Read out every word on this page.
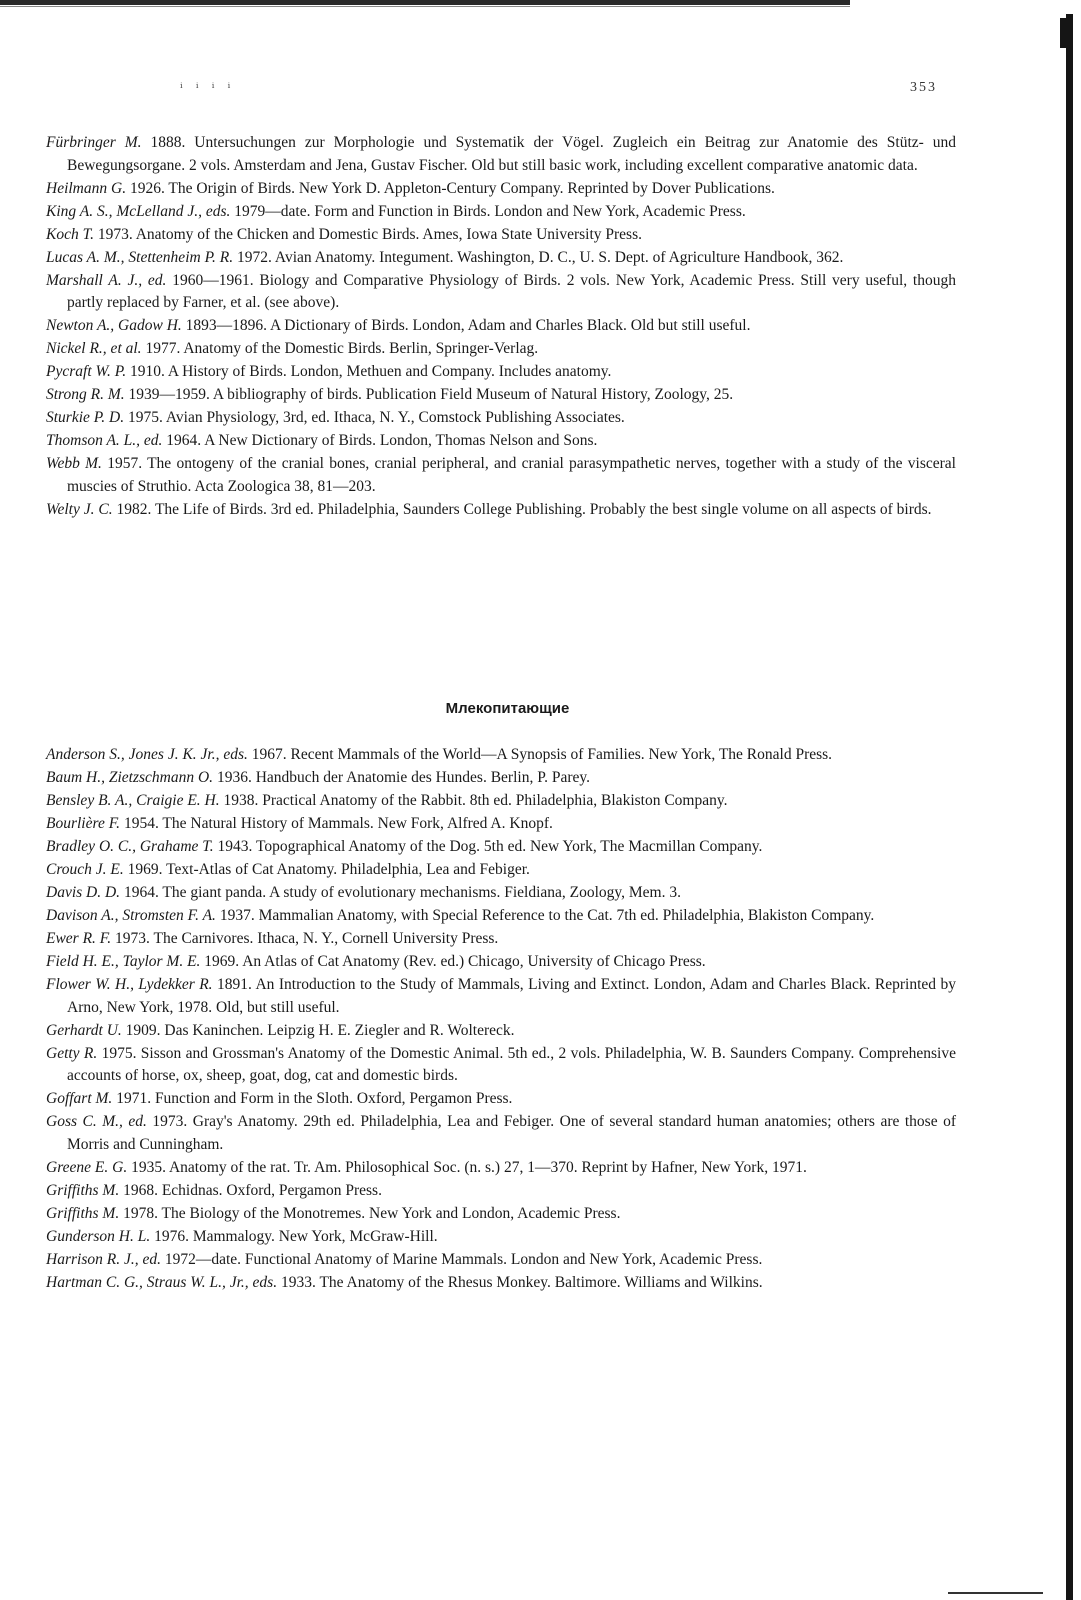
ⁱ ⁱ ⁱ ⁱ	353

Fürbringer M. 1888. Untersuchungen zur Morphologie und Systematik der Vögel. Zugleich ein Beitrag zur Anatomie des Stütz- und Bewegungsorgane. 2 vols. Amsterdam and Jena, Gustav Fischer. Old but still basic work, including excellent comparative anatomic data.

Heilmann G. 1926. The Origin of Birds. New York D. Appleton-Century Company. Reprinted by Dover Publications.

King A. S., McLelland J., eds. 1979—date. Form and Function in Birds. London and New York, Academic Press.

Koch T. 1973. Anatomy of the Chicken and Domestic Birds. Ames, Iowa State University Press.

Lucas A. M., Stettenheim P. R. 1972. Avian Anatomy. Integument. Washington, D. C., U. S. Dept. of Agriculture Handbook, 362.

Marshall A. J., ed. 1960—1961. Biology and Comparative Physiology of Birds. 2 vols. New York, Academic Press. Still very useful, though partly replaced by Farner, et al. (see above).

Newton A., Gadow H. 1893—1896. A Dictionary of Birds. London, Adam and Charles Black. Old but still useful.

Nickel R., et al. 1977. Anatomy of the Domestic Birds. Berlin, Springer-Verlag.

Pycraft W. P. 1910. A History of Birds. London, Methuen and Company. Includes anatomy.

Strong R. M. 1939—1959. A bibliography of birds. Publication Field Museum of Natural History, Zoology, 25.

Sturkie P. D. 1975. Avian Physiology, 3rd, ed. Ithaca, N. Y., Comstock Publishing Associates.

Thomson A. L., ed. 1964. A New Dictionary of Birds. London, Thomas Nelson and Sons.

Webb M. 1957. The ontogeny of the cranial bones, cranial peripheral, and cranial parasympathetic nerves, together with a study of the visceral muscies of Struthio. Acta Zoologica 38, 81—203.

Welty J. C. 1982. The Life of Birds. 3rd ed. Philadelphia, Saunders College Publishing. Probably the best single volume on all aspects of birds.

Млекопитающие

Anderson S., Jones J. K. Jr., eds. 1967. Recent Mammals of the World—A Synopsis of Families. New York, The Ronald Press.

Baum H., Zietzschmann O. 1936. Handbuch der Anatomie des Hundes. Berlin, P. Parey.

Bensley B. A., Craigie E. H. 1938. Practical Anatomy of the Rabbit. 8th ed. Philadelphia, Blakiston Company.

Bourlière F. 1954. The Natural History of Mammals. New Fork, Alfred A. Knopf.

Bradley O. C., Grahame T. 1943. Topographical Anatomy of the Dog. 5th ed. New York, The Macmillan Company.

Crouch J. E. 1969. Text-Atlas of Cat Anatomy. Philadelphia, Lea and Febiger.

Davis D. D. 1964. The giant panda. A study of evolutionary mechanisms. Fieldiana, Zoology, Mem. 3.

Davison A., Stromsten F. A. 1937. Mammalian Anatomy, with Special Reference to the Cat. 7th ed. Philadelphia, Blakiston Company.

Ewer R. F. 1973. The Carnivores. Ithaca, N. Y., Cornell University Press.

Field H. E., Taylor M. E. 1969. An Atlas of Cat Anatomy (Rev. ed.) Chicago, University of Chicago Press.

Flower W. H., Lydekker R. 1891. An Introduction to the Study of Mammals, Living and Extinct. London, Adam and Charles Black. Reprinted by Arno, New York, 1978. Old, but still useful.

Gerhardt U. 1909. Das Kaninchen. Leipzig H. E. Ziegler and R. Woltereck.

Getty R. 1975. Sisson and Grossman's Anatomy of the Domestic Animal. 5th ed., 2 vols. Philadelphia, W. B. Saunders Company. Comprehensive accounts of horse, ox, sheep, goat, dog, cat and domestic birds.

Goffart M. 1971. Function and Form in the Sloth. Oxford, Pergamon Press.

Goss C. M., ed. 1973. Gray's Anatomy. 29th ed. Philadelphia, Lea and Febiger. One of several standard human anatomies; others are those of Morris and Cunningham.

Greene E. G. 1935. Anatomy of the rat. Tr. Am. Philosophical Soc. (n. s.) 27, 1—370. Reprint by Hafner, New York, 1971.

Griffiths M. 1968. Echidnas. Oxford, Pergamon Press.

Griffiths M. 1978. The Biology of the Monotremes. New York and London, Academic Press.

Gunderson H. L. 1976. Mammalogy. New York, McGraw-Hill.

Harrison R. J., ed. 1972—date. Functional Anatomy of Marine Mammals. London and New York, Academic Press.

Hartman C. G., Straus W. L., Jr., eds. 1933. The Anatomy of the Rhesus Monkey. Baltimore. Williams and Wilkins.
